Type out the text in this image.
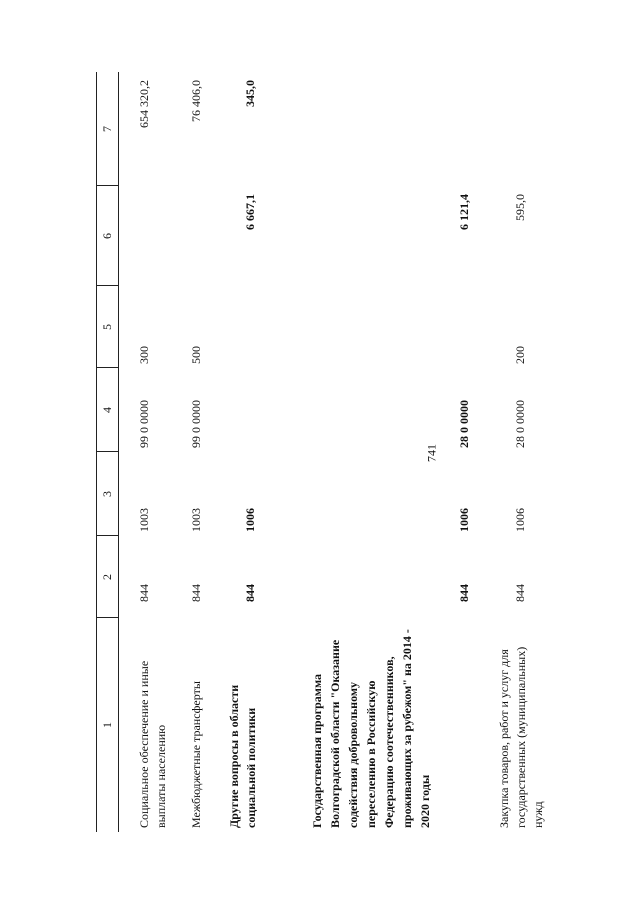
741
1
2
3
4
5
6
7
Социальное обеспечение и иные выплаты населению
844
1003
99 0 0000
300
654 320,2
Межбюджетные трансферты
844
1003
99 0 0000
500
76 406,0
Другие вопросы в области социальной политики
844
1006
6 667,1
345,0
Государственная программа Волгоградской области "Оказание содействия добровольному переселению в Российскую Федерацию соотечественников, проживающих за рубежом" на 2014 - 2020 годы
844
1006
28 0 0000
6 121,4
Закупка товаров, работ и услуг для государственных (муниципальных) нужд
844
1006
28 0 0000
200
595,0
